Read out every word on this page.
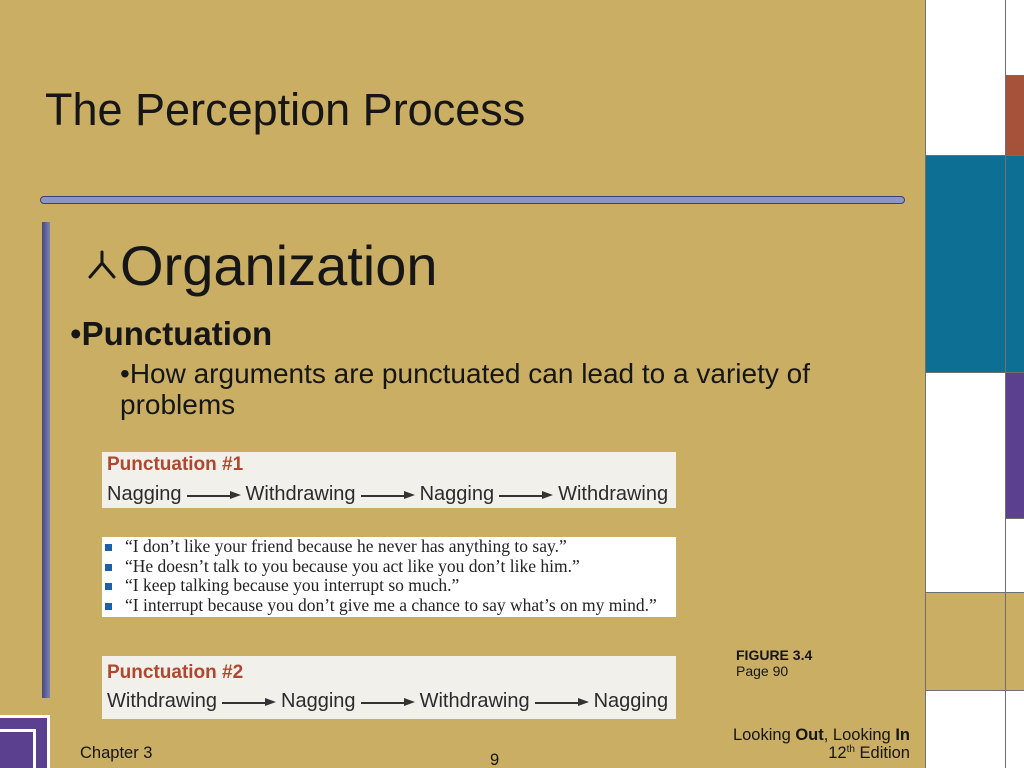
The Perception Process
Organization
•Punctuation
•How arguments are punctuated can lead to a variety of problems
Punctuation #1
Nagging	Withdrawing	Nagging	Withdrawing
“I don’t like your friend because he never has anything to say.”
“He doesn’t talk to you because you act like you don’t like him.”
“I keep talking because you interrupt so much.”
“I interrupt because you don’t give me a chance to say what’s on my mind.”
Punctuation #2
Withdrawing	Nagging	Withdrawing	Nagging
FIGURE 3.4
Page 90
Chapter 3	9
Looking Out, Looking In
12th Edition
